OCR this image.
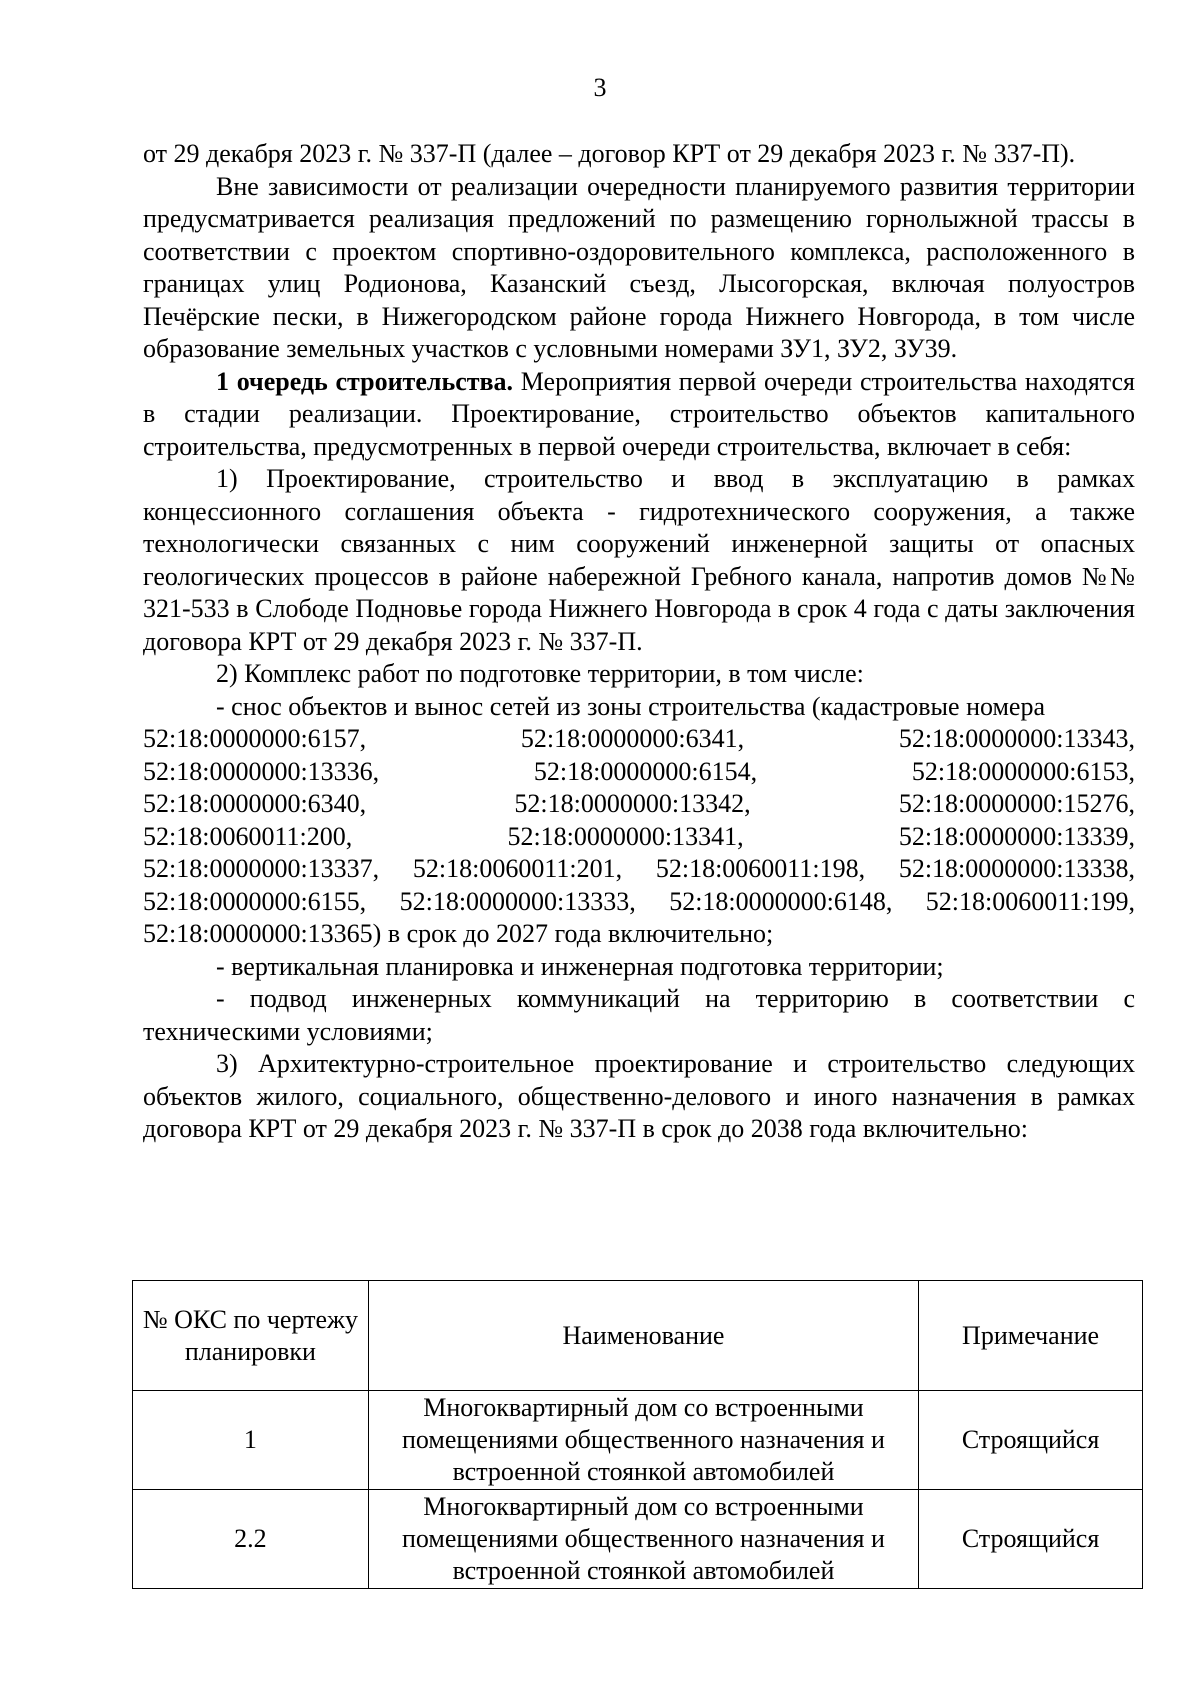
3

от 29 декабря 2023 г. № 337-П (далее – договор КРТ от 29 декабря 2023 г. № 337-П).

Вне зависимости от реализации очередности планируемого развития территории предусматривается реализация предложений по размещению горнолыжной трассы в соответствии с проектом спортивно-оздоровительного комплекса, расположенного в границах улиц Родионова, Казанский съезд, Лысогорская, включая полуостров Печёрские пески, в Нижегородском районе города Нижнего Новгорода, в том числе образование земельных участков с условными номерами ЗУ1, ЗУ2, ЗУ39.

1 очередь строительства. Мероприятия первой очереди строительства находятся в стадии реализации. Проектирование, строительство объектов капитального строительства, предусмотренных в первой очереди строительства, включает в себя:

1) Проектирование, строительство и ввод в эксплуатацию в рамках концессионного соглашения объекта - гидротехнического сооружения, а также технологически связанных с ним сооружений инженерной защиты от опасных геологических процессов в районе набережной Гребного канала, напротив домов №№ 321-533 в Слободе Подновье города Нижнего Новгорода в срок 4 года с даты заключения договора КРТ от 29 декабря 2023 г. № 337-П.

2) Комплекс работ по подготовке территории, в том числе:

- снос объектов и вынос сетей из зоны строительства (кадастровые номера

52:18:0000000:6157,	52:18:0000000:6341,	52:18:0000000:13343,
52:18:0000000:13336,	52:18:0000000:6154,	52:18:0000000:6153,
52:18:0000000:6340,	52:18:0000000:13342,	52:18:0000000:15276,
52:18:0060011:200,	52:18:0000000:13341,	52:18:0000000:13339,
52:18:0000000:13337, 52:18:0060011:201, 52:18:0060011:198, 52:18:0000000:13338,
52:18:0000000:6155, 52:18:0000000:13333, 52:18:0000000:6148, 52:18:0060011:199,

52:18:0000000:13365) в срок до 2027 года включительно;

- вертикальная планировка и инженерная подготовка территории;

- подвод инженерных коммуникаций на территорию в соответствии с техническими условиями;

3) Архитектурно-строительное проектирование и строительство следующих объектов жилого, социального, общественно-делового и иного назначения в рамках договора КРТ от 29 декабря 2023 г. № 337-П в срок до 2038 года включительно:

№ ОКС по чертежу планировки	Наименование	Примечание
1	Многоквартирный дом со встроенными помещениями общественного назначения и встроенной стоянкой автомобилей	Строящийся
2.2	Многоквартирный дом со встроенными помещениями общественного назначения и встроенной стоянкой автомобилей	Строящийся
